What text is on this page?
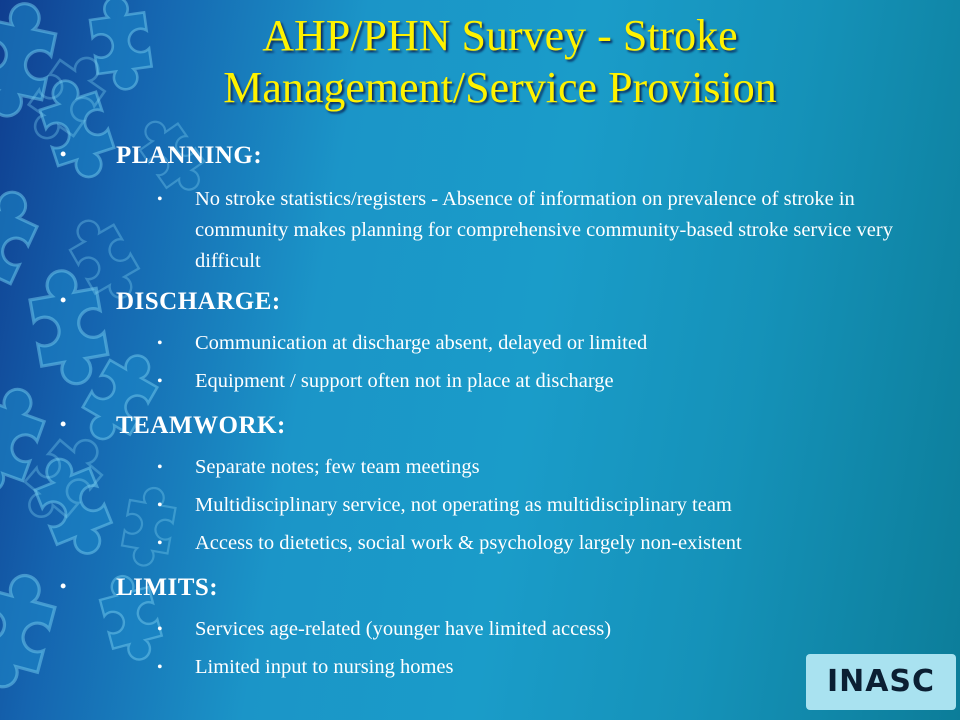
AHP/PHN Survey - Stroke Management/Service Provision
• PLANNING:
• No stroke statistics/registers - Absence of information on prevalence of stroke in community makes planning for comprehensive community-based stroke service very difficult
• DISCHARGE:
• Communication at discharge absent, delayed or limited
• Equipment / support often not in place at discharge
• TEAMWORK:
• Separate notes; few team meetings
• Multidisciplinary service, not operating as multidisciplinary team
• Access to dietetics, social work & psychology largely non-existent
• LIMITS:
• Services age-related (younger have limited access)
• Limited input to nursing homes	INASC
